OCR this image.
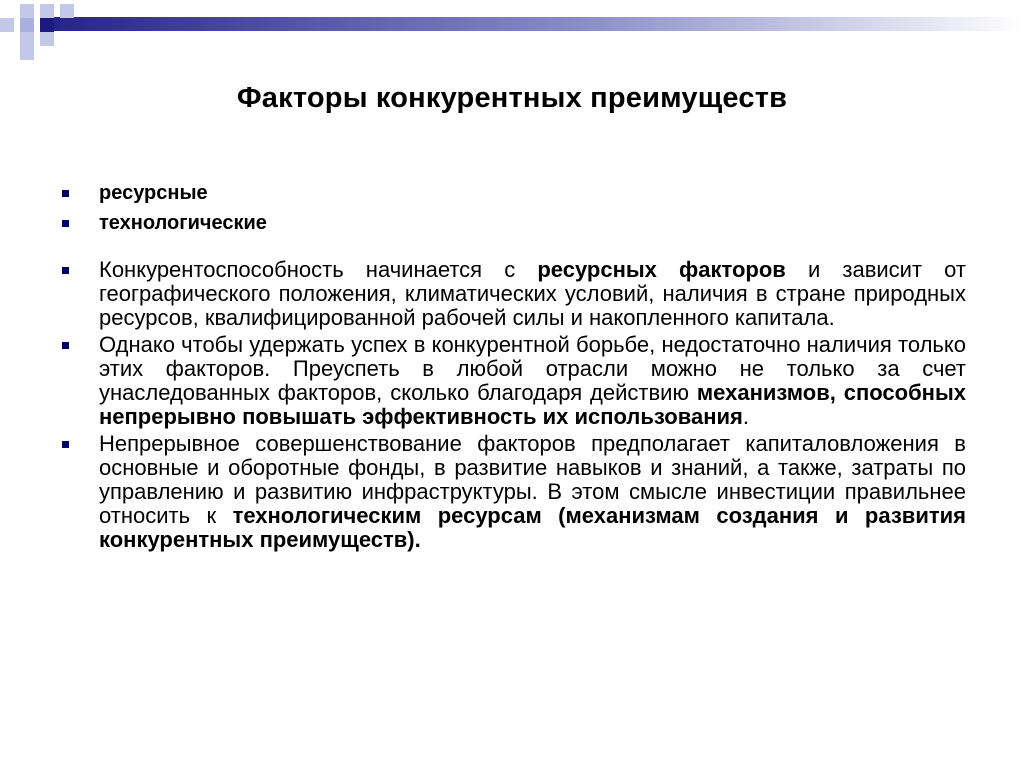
Факторы конкурентных преимуществ
ресурсные
технологические
Конкурентоспособность начинается с ресурсных факторов и зависит от географического положения, климатических условий, наличия в стране природных ресурсов, квалифицированной рабочей силы и накопленного капитала.
Однако чтобы удержать успех в конкурентной борьбе, недостаточно наличия только этих факторов. Преуспеть в любой отрасли можно не только за счет унаследованных факторов, сколько благодаря действию механизмов, способных непрерывно повышать эффективность их использования.
Непрерывное совершенствование факторов предполагает капиталовложения в основные и оборотные фонды, в развитие навыков и знаний, а также, затраты по управлению и развитию инфраструктуры. В этом смысле инвестиции правильнее относить к технологическим ресурсам (механизмам создания и развития конкурентных преимуществ).
